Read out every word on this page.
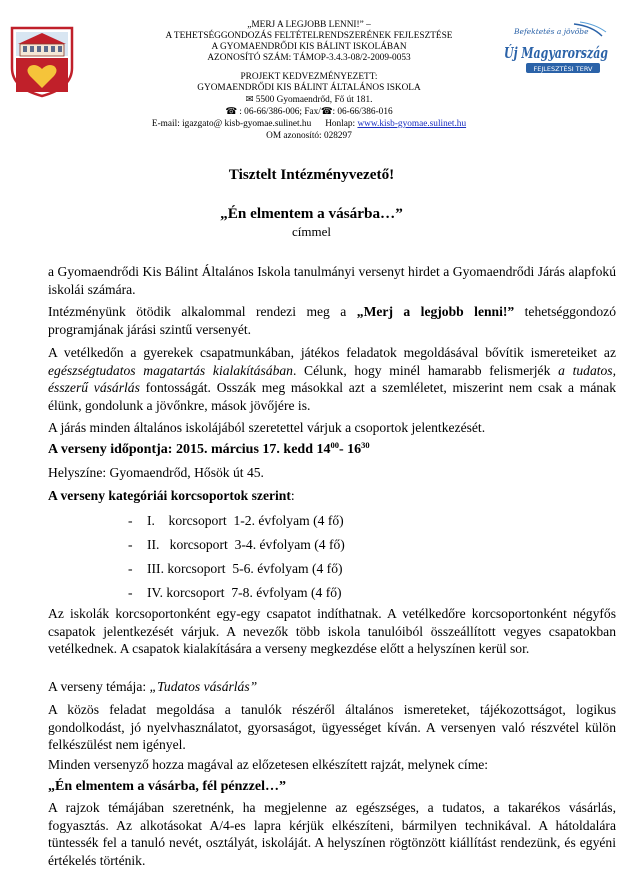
Befektetés a jövőbe
Új Magyarország
FEJLESZTÉSI TERV
„MERJ A LEGJOBB LENNI!” –
A TEHETSÉGGONDOZÁS FELTÉTELRENDSZERÉNEK FEJLESZTÉSE
A GYOMAENDRŐDI KIS BÁLINT ISKOLÁBAN
AZONOSÍTÓ SZÁM: TÁMOP-3.4.3-08/2-2009-0053
PROJEKT KEDVEZMÉNYEZETT:
GYOMAENDRŐDI KIS BÁLINT ÁLTALÁNOS ISKOLA
✉ 5500 Gyomaendrőd, Fő út 181.
☎ : 06-66/386-006; Fax/☎: 06-66/386-016
E-mail: igazgato@ kisb-gyomae.sulinet.hu Honlap: www.kisb-gyomae.sulinet.hu
OM azonosító: 028297
Tisztelt Intézményvezető!
„Én elmentem a vásárba…”
címmel
a Gyomaendrődi Kis Bálint Általános Iskola tanulmányi versenyt hirdet a Gyomaendrődi Járás alapfokú iskolái számára.
Intézményünk ötödik alkalommal rendezi meg a „Merj a legjobb lenni!” tehetséggondozó programjának járási szintű versenyét.
A vetélkedőn a gyerekek csapatmunkában, játékos feladatok megoldásával bővítik ismereteiket az egészségtudatos magatartás kialakításában. Célunk, hogy minél hamarabb felismerjék a tudatos, ésszerű vásárlás fontosságát. Osszák meg másokkal azt a szemléletet, miszerint nem csak a mának élünk, gondolunk a jövőnkre, mások jövőjére is.
A járás minden általános iskolájából szeretettel várjuk a csoportok jelentkezését.
A verseny időpontja: 2015. március 17. kedd $14^{00}-$ $16^{30}$
Helyszíne: Gyomaendrőd, Hősök út 45.
A verseny kategóriái korcsoportok szerint:
- I.    korcsoport  1-2. évfolyam (4 fő)
- II.   korcsoport  3-4. évfolyam (4 fő)
- III. korcsoport  5-6. évfolyam (4 fő)
- IV. korcsoport  7-8. évfolyam (4 fő)
Az iskolák korcsoportonként egy-egy csapatot indíthatnak. A vetélkedőre korcsoportonként négyfős csapatok jelentkezését várjuk. A nevezők több iskola tanulóiból összeállított vegyes csapatokban vetélkednek. A csapatok kialakítására a verseny megkezdése előtt a helyszínen kerül sor.
A verseny témája: „Tudatos vásárlás”
A közös feladat megoldása a tanulók részéről általános ismereteket, tájékozottságot, logikus gondolkodást, jó nyelvhasználatot, gyorsaságot, ügyességet kíván. A versenyen való részvétel külön felkészülést nem igényel.
Minden versenyző hozza magával az előzetesen elkészített rajzát, melynek címe:
„Én elmentem a vásárba, fél pénzzel…”
A rajzok témájában szeretnénk, ha megjelenne az egészséges, a tudatos, a takarékos vásárlás, fogyasztás. Az alkotásokat A/4-es lapra kérjük elkészíteni, bármilyen technikával. A hátoldalára tüntessék fel a tanuló nevét, osztályát, iskoláját. A helyszínen rögtönzött kiállítást rendezünk, és egyéni értékelés történik.
